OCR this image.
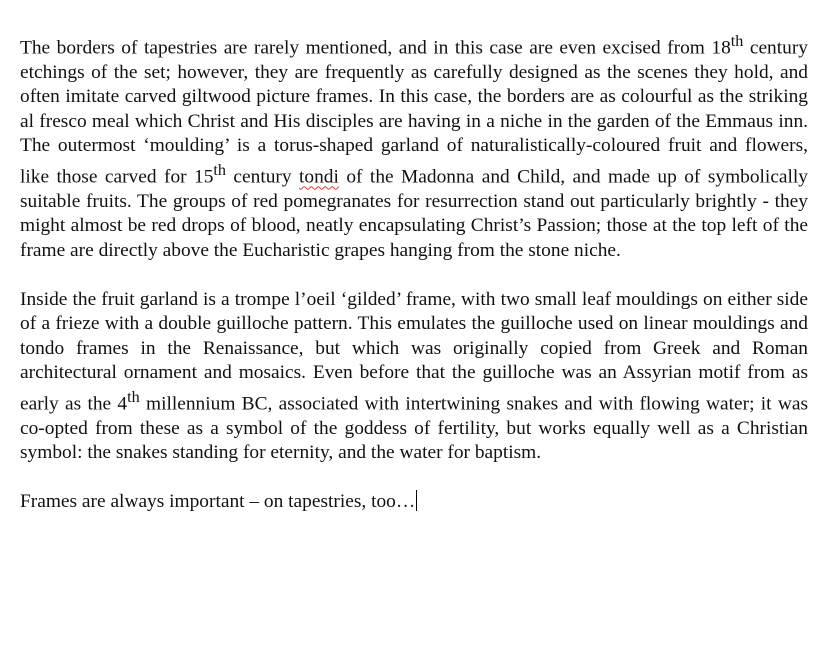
The borders of tapestries are rarely mentioned, and in this case are even excised from 18th century etchings of the set; however, they are frequently as carefully designed as the scenes they hold, and often imitate carved giltwood picture frames. In this case, the borders are as colourful as the striking al fresco meal which Christ and His disciples are having in a niche in the garden of the Emmaus inn. The outermost ‘moulding’ is a torus-shaped garland of naturalistically-coloured fruit and flowers, like those carved for 15th century tondi of the Madonna and Child, and made up of symbolically suitable fruits. The groups of red pomegranates for resurrection stand out particularly brightly - they might almost be red drops of blood, neatly encapsulating Christ’s Passion; those at the top left of the frame are directly above the Eucharistic grapes hanging from the stone niche.

Inside the fruit garland is a trompe l’oeil ‘gilded’ frame, with two small leaf mouldings on either side of a frieze with a double guilloche pattern. This emulates the guilloche used on linear mouldings and tondo frames in the Renaissance, but which was originally copied from Greek and Roman architectural ornament and mosaics. Even before that the guilloche was an Assyrian motif from as early as the 4th millennium BC, associated with intertwining snakes and with flowing water; it was co-opted from these as a symbol of the goddess of fertility, but works equally well as a Christian symbol: the snakes standing for eternity, and the water for baptism.

Frames are always important – on tapestries, too…
